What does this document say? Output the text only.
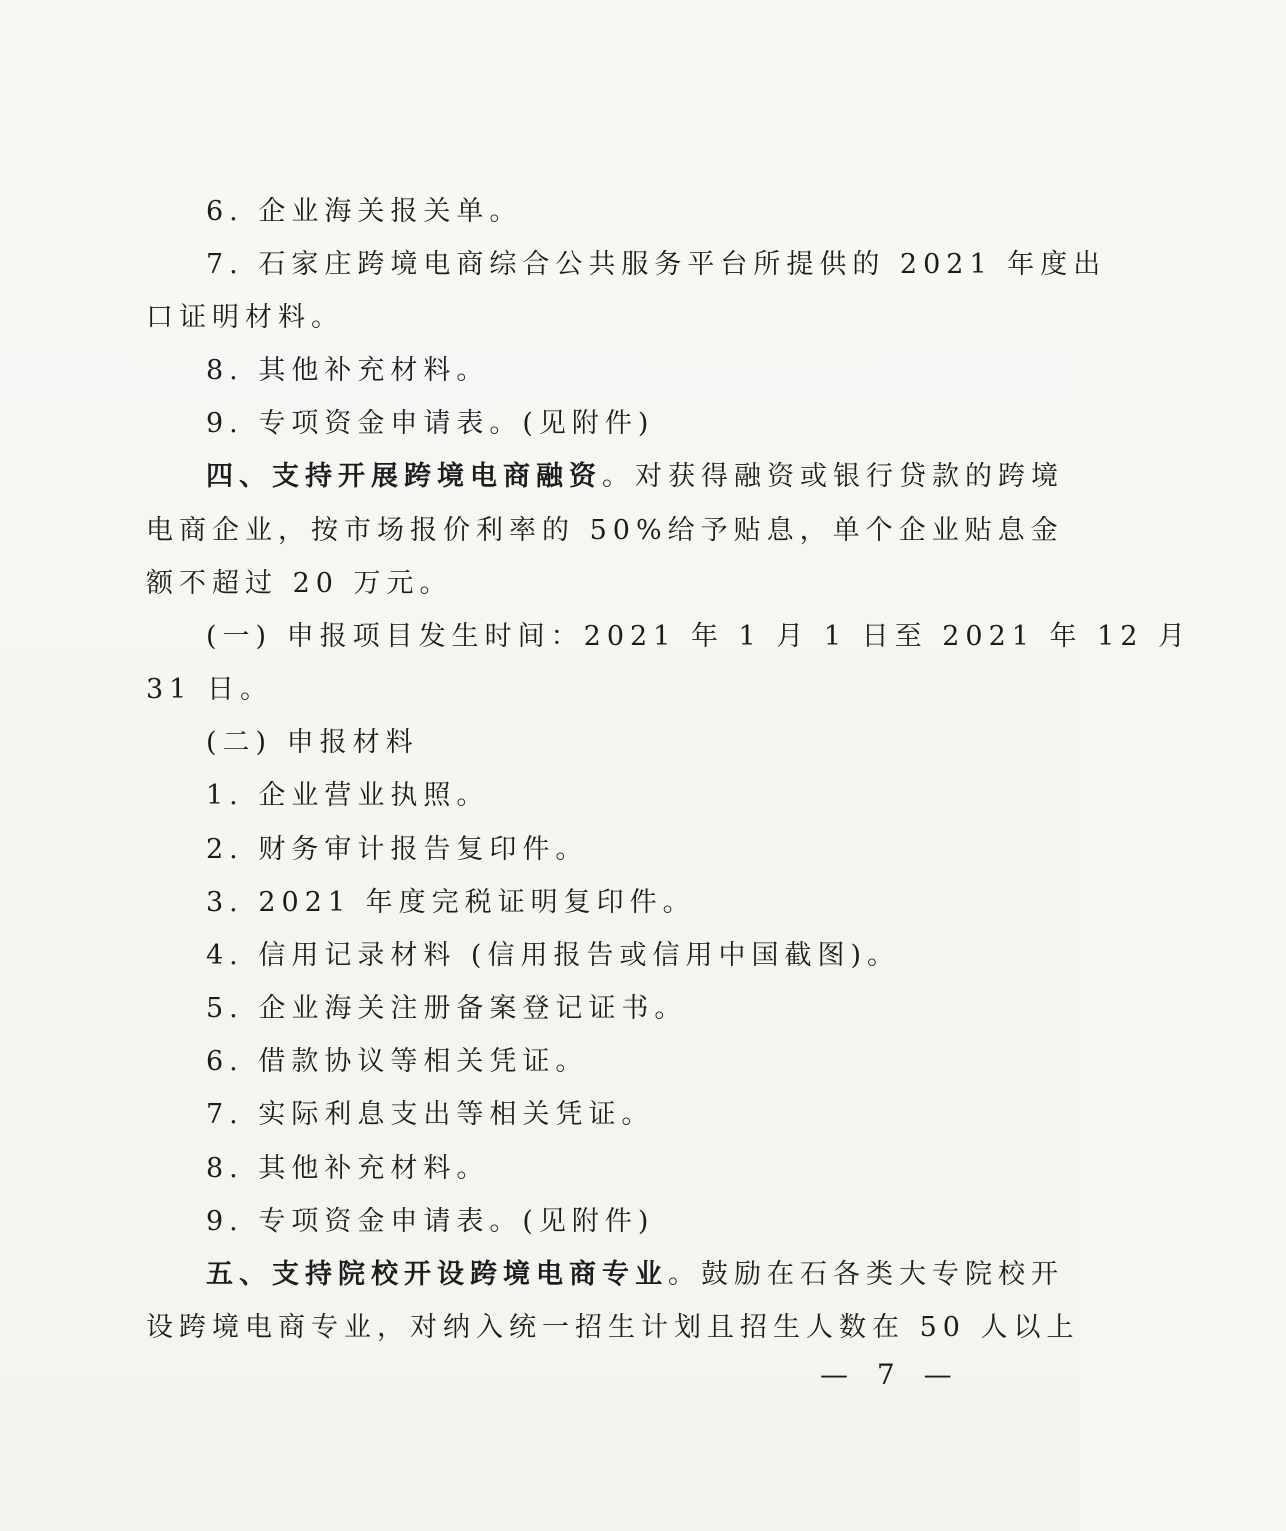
6. 企业海关报关单。
7. 石家庄跨境电商综合公共服务平台所提供的 2021 年度出
口证明材料。
8. 其他补充材料。
9. 专项资金申请表。(见附件)
四、支持开展跨境电商融资。对获得融资或银行贷款的跨境
电商企业，按市场报价利率的 50%给予贴息，单个企业贴息金
额不超过 20 万元。
(一) 申报项目发生时间：2021 年 1 月 1 日至 2021 年 12 月
31 日。
(二) 申报材料
1. 企业营业执照。
2. 财务审计报告复印件。
3. 2021 年度完税证明复印件。
4. 信用记录材料 (信用报告或信用中国截图)。
5. 企业海关注册备案登记证书。
6. 借款协议等相关凭证。
7. 实际利息支出等相关凭证。
8. 其他补充材料。
9. 专项资金申请表。(见附件)
五、支持院校开设跨境电商专业。鼓励在石各类大专院校开
设跨境电商专业，对纳入统一招生计划且招生人数在 50 人以上
— 7 —
